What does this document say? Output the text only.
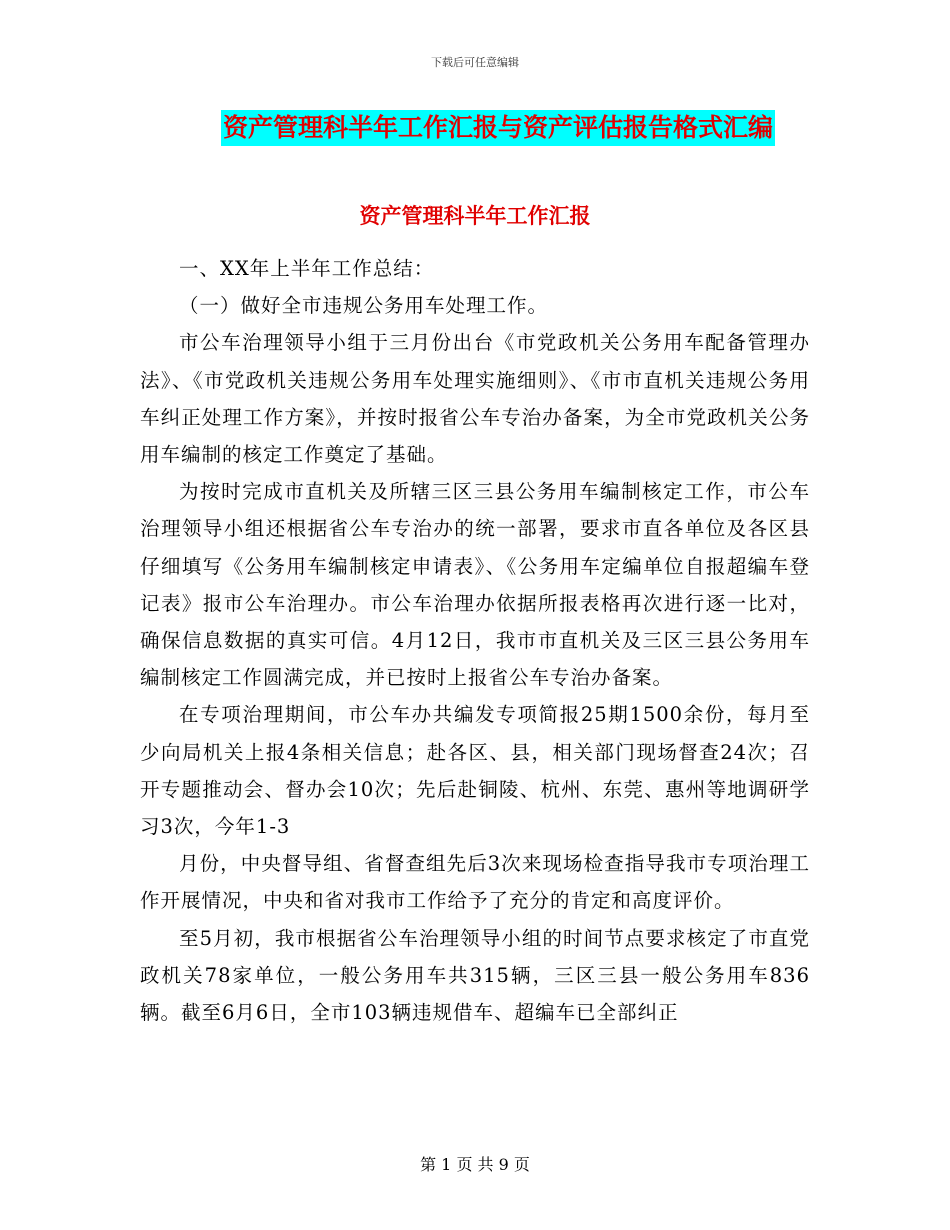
下载后可任意编辑
资产管理科半年工作汇报与资产评估报告格式汇编
资产管理科半年工作汇报

一、XX年上半年工作总结：

（一）做好全市违规公务用车处理工作。

市公车治理领导小组于三月份出台《市党政机关公务用车配备管理办法》、《市党政机关违规公务用车处理实施细则》、《市市直机关违规公务用车纠正处理工作方案》，并按时报省公车专治办备案，为全市党政机关公务用车编制的核定工作奠定了基础。

为按时完成市直机关及所辖三区三县公务用车编制核定工作，市公车治理领导小组还根据省公车专治办的统一部署，要求市直各单位及各区县仔细填写《公务用车编制核定申请表》、《公务用车定编单位自报超编车登记表》报市公车治理办。市公车治理办依据所报表格再次进行逐一比对，确保信息数据的真实可信。4月12日，我市市直机关及三区三县公务用车编制核定工作圆满完成，并已按时上报省公车专治办备案。

在专项治理期间，市公车办共编发专项简报25期1500余份，每月至少向局机关上报4条相关信息；赴各区、县，相关部门现场督查24次；召开专题推动会、督办会10次；先后赴铜陵、杭州、东莞、惠州等地调研学习3次，今年1-3

月份，中央督导组、省督查组先后3次来现场检查指导我市专项治理工作开展情况，中央和省对我市工作给予了充分的肯定和高度评价。

至5月初，我市根据省公车治理领导小组的时间节点要求核定了市直党政机关78家单位，一般公务用车共315辆，三区三县一般公务用车836辆。截至6月6日，全市103辆违规借车、超编车已全部纠正

第 1 页 共 9 页
